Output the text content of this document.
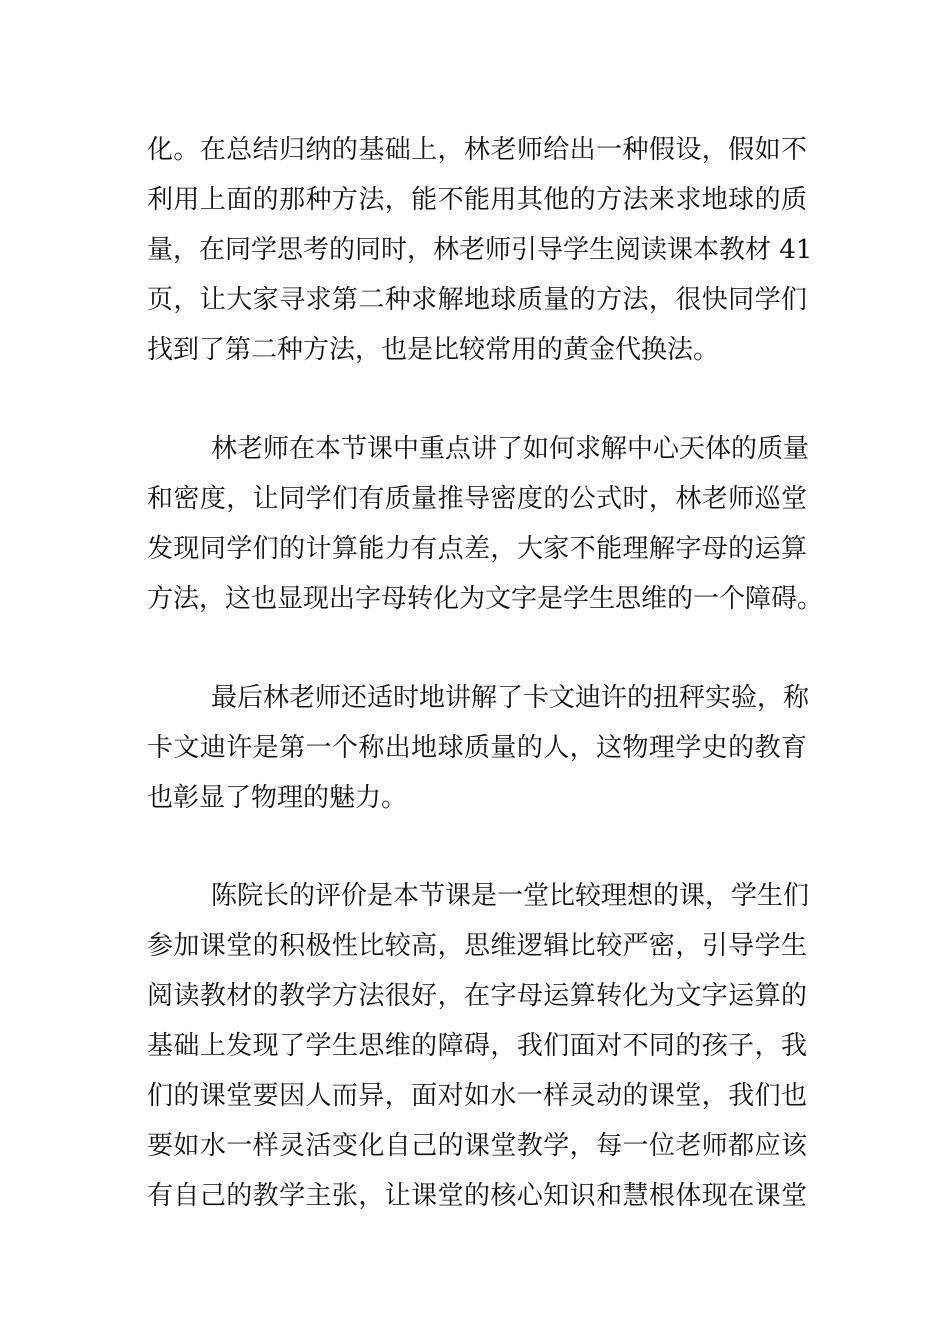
化。在总结归纳的基础上，林老师给出一种假设，假如不
利用上面的那种方法，能不能用其他的方法来求地球的质
量，在同学思考的同时，林老师引导学生阅读课本教材 41
页，让大家寻求第二种求解地球质量的方法，很快同学们
找到了第二种方法，也是比较常用的黄金代换法。
林老师在本节课中重点讲了如何求解中心天体的质量
和密度，让同学们有质量推导密度的公式时，林老师巡堂
发现同学们的计算能力有点差，大家不能理解字母的运算
方法，这也显现出字母转化为文字是学生思维的一个障碍。
最后林老师还适时地讲解了卡文迪许的扭秤实验，称
卡文迪许是第一个称出地球质量的人，这物理学史的教育
也彰显了物理的魅力。
陈院长的评价是本节课是一堂比较理想的课，学生们
参加课堂的积极性比较高，思维逻辑比较严密，引导学生
阅读教材的教学方法很好，在字母运算转化为文字运算的
基础上发现了学生思维的障碍，我们面对不同的孩子，我
们的课堂要因人而异，面对如水一样灵动的课堂，我们也
要如水一样灵活变化自己的课堂教学，每一位老师都应该
有自己的教学主张，让课堂的核心知识和慧根体现在课堂
